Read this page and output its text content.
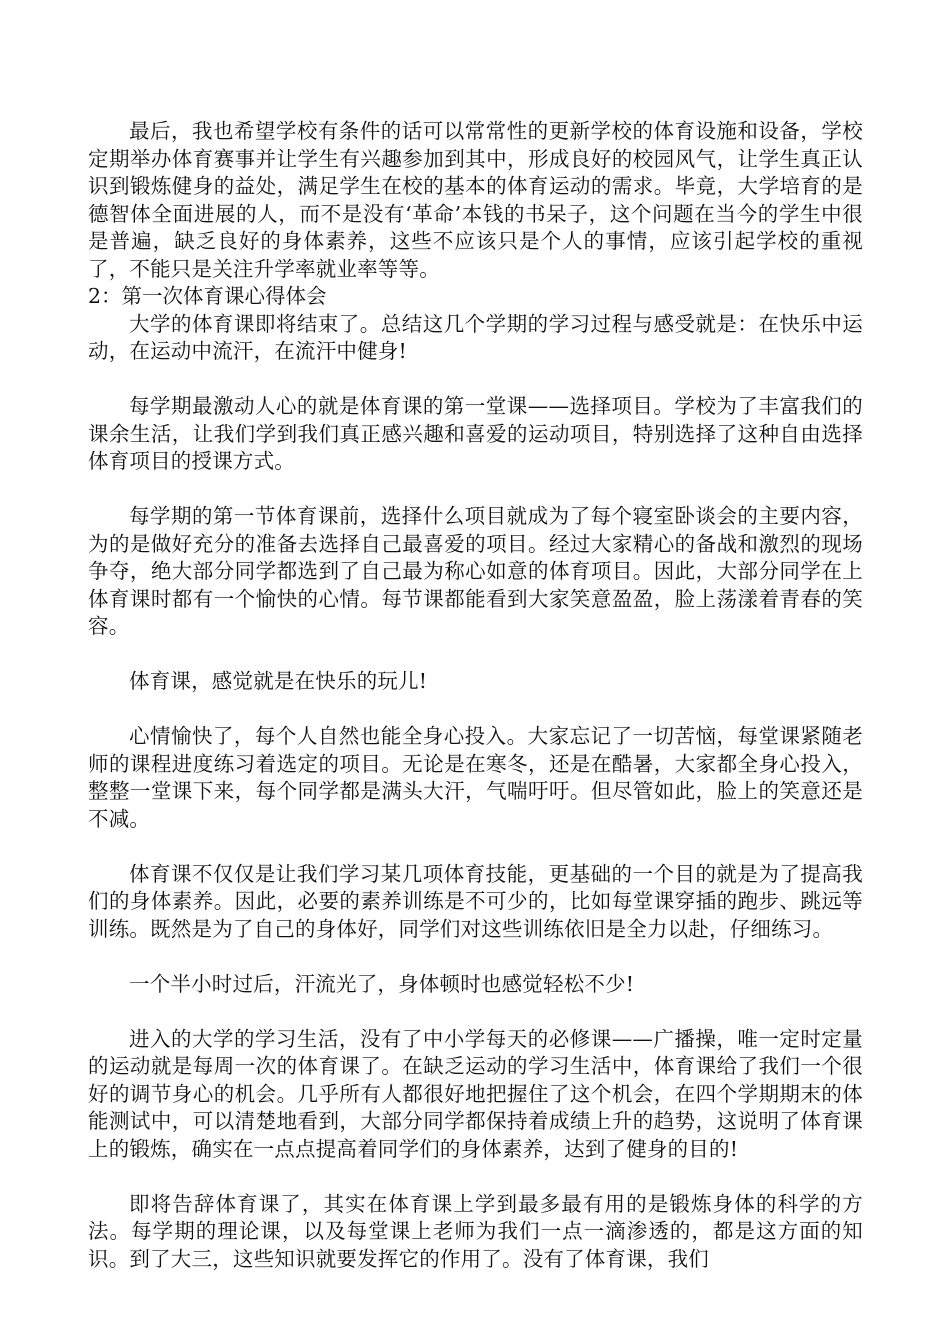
最后，我也希望学校有条件的话可以常常性的更新学校的体育设施和设备，学校定期举办体育赛事并让学生有兴趣参加到其中，形成良好的校园风气，让学生真正认识到锻炼健身的益处，满足学生在校的基本的体育运动的需求。毕竟，大学培育的是德智体全面进展的人，而不是没有‘革命’本钱的书呆子，这个问题在当今的学生中很是普遍，缺乏良好的身体素养，这些不应该只是个人的事情，应该引起学校的重视了，不能只是关注升学率就业率等等。

2：第一次体育课心得体会

大学的体育课即将结束了。总结这几个学期的学习过程与感受就是：在快乐中运动，在运动中流汗，在流汗中健身!

每学期最激动人心的就是体育课的第一堂课——选择项目。学校为了丰富我们的课余生活，让我们学到我们真正感兴趣和喜爱的运动项目，特别选择了这种自由选择体育项目的授课方式。

每学期的第一节体育课前，选择什么项目就成为了每个寝室卧谈会的主要内容，为的是做好充分的准备去选择自己最喜爱的项目。经过大家精心的备战和激烈的现场争夺，绝大部分同学都选到了自己最为称心如意的体育项目。因此，大部分同学在上体育课时都有一个愉快的心情。每节课都能看到大家笑意盈盈，脸上荡漾着青春的笑容。

体育课，感觉就是在快乐的玩儿!

心情愉快了，每个人自然也能全身心投入。大家忘记了一切苦恼，每堂课紧随老师的课程进度练习着选定的项目。无论是在寒冬，还是在酷暑，大家都全身心投入，整整一堂课下来，每个同学都是满头大汗，气喘吁吁。但尽管如此，脸上的笑意还是不减。

体育课不仅仅是让我们学习某几项体育技能，更基础的一个目的就是为了提高我们的身体素养。因此，必要的素养训练是不可少的，比如每堂课穿插的跑步、跳远等训练。既然是为了自己的身体好，同学们对这些训练依旧是全力以赴，仔细练习。

一个半小时过后，汗流光了，身体顿时也感觉轻松不少!

进入的大学的学习生活，没有了中小学每天的必修课——广播操，唯一定时定量的运动就是每周一次的体育课了。在缺乏运动的学习生活中，体育课给了我们一个很好的调节身心的机会。几乎所有人都很好地把握住了这个机会，在四个学期期末的体能测试中，可以清楚地看到，大部分同学都保持着成绩上升的趋势，这说明了体育课上的锻炼，确实在一点点提高着同学们的身体素养，达到了健身的目的!

即将告辞体育课了，其实在体育课上学到最多最有用的是锻炼身体的科学的方法。每学期的理论课，以及每堂课上老师为我们一点一滴渗透的，都是这方面的知识。到了大三，这些知识就要发挥它的作用了。没有了体育课，我们
